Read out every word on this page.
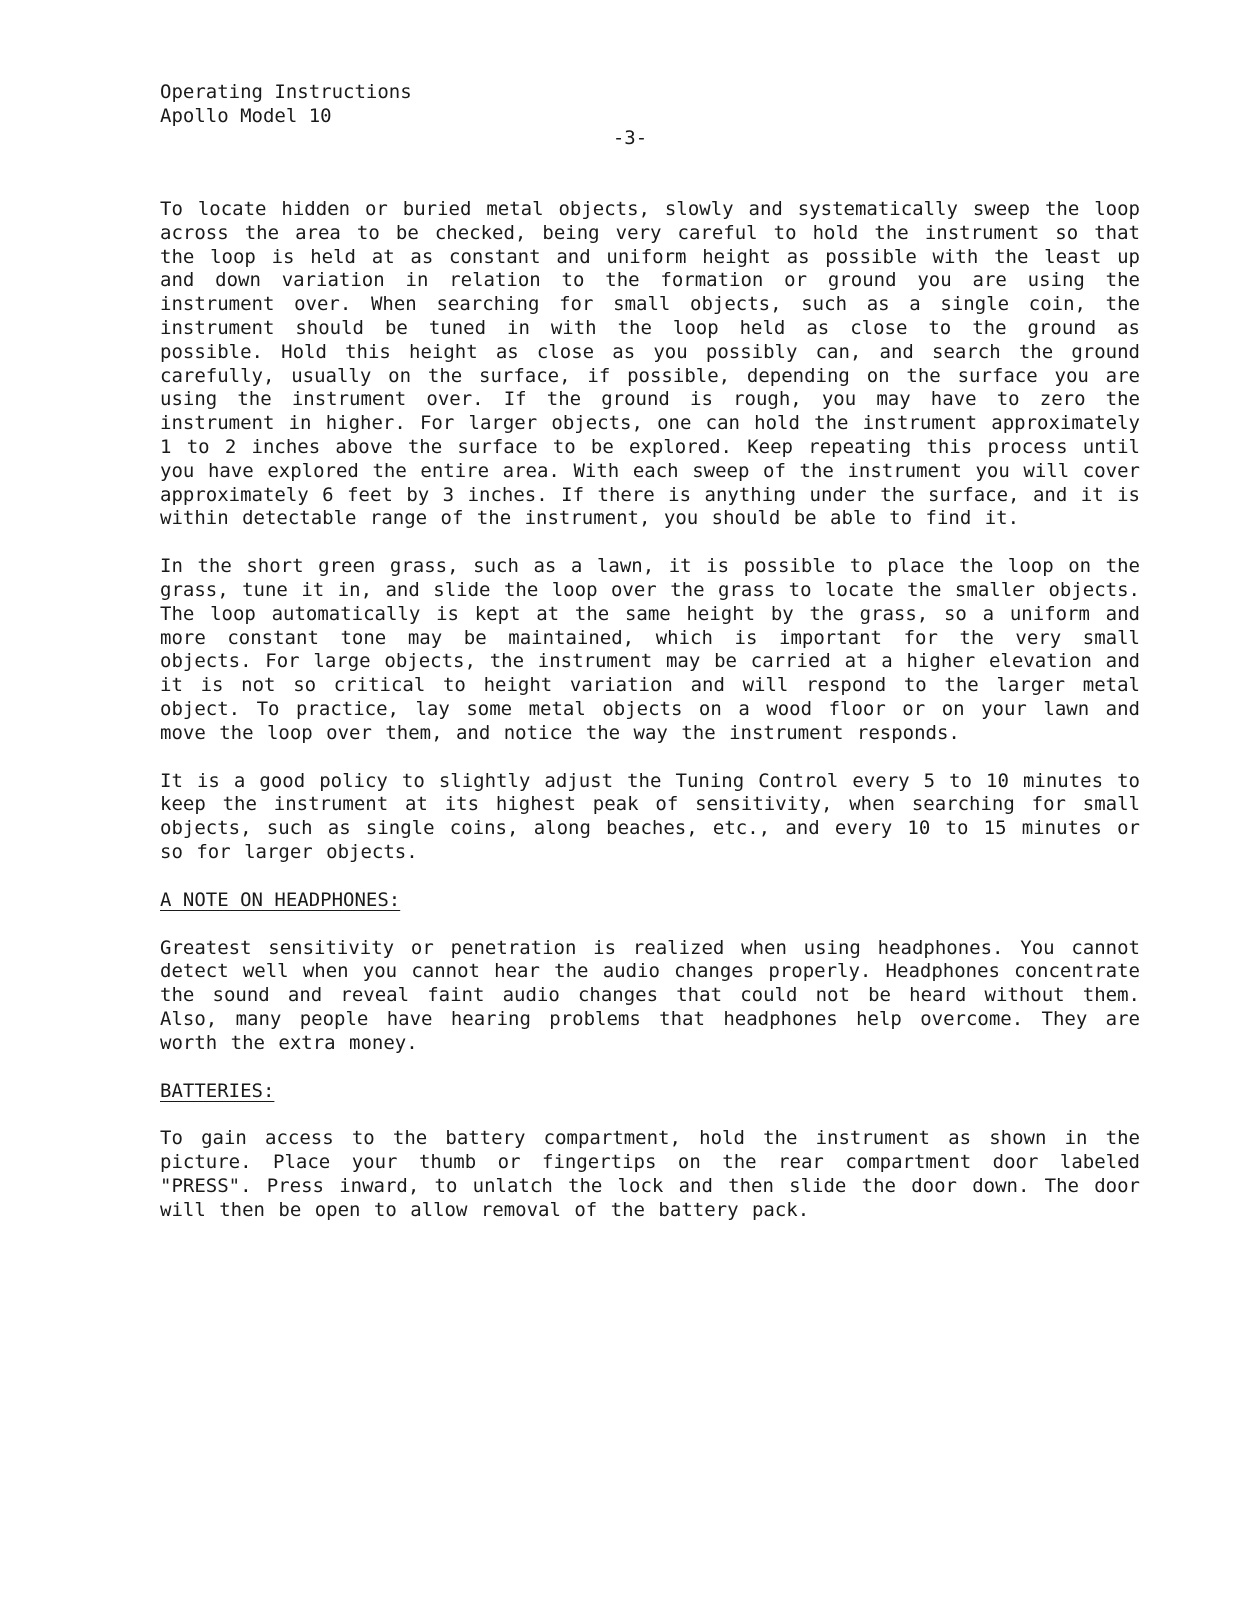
Operating Instructions
Apollo Model 10
-3-

To locate hidden or buried metal objects, slowly and systematically sweep the loop across the area to be checked, being very careful to hold the instrument so that the loop is held at as constant and uniform height as possible with the least up and down variation in relation to the formation or ground you are using the instrument over. When searching for small objects, such as a single coin, the instrument should be tuned in with the loop held as close to the ground as possible. Hold this height as close as you possibly can, and search the ground carefully, usually on the surface, if possible, depending on the surface you are using the instrument over. If the ground is rough, you may have to zero the instrument in higher. For larger objects, one can hold the instrument approximately 1 to 2 inches above the surface to be explored. Keep repeating this process until you have explored the entire area. With each sweep of the instrument you will cover approximately 6 feet by 3 inches. If there is anything under the surface, and it is within detectable range of the instrument, you should be able to find it.

In the short green grass, such as a lawn, it is possible to place the loop on the grass, tune it in, and slide the loop over the grass to locate the smaller objects. The loop automatically is kept at the same height by the grass, so a uniform and more constant tone may be maintained, which is important for the very small objects. For large objects, the instrument may be carried at a higher elevation and it is not so critical to height variation and will respond to the larger metal object. To practice, lay some metal objects on a wood floor or on your lawn and move the loop over them, and notice the way the instrument responds.

It is a good policy to slightly adjust the Tuning Control every 5 to 10 minutes to keep the instrument at its highest peak of sensitivity, when searching for small objects, such as single coins, along beaches, etc., and every 10 to 15 minutes or so for larger objects.

A NOTE ON HEADPHONES:

Greatest sensitivity or penetration is realized when using headphones. You cannot detect well when you cannot hear the audio changes properly. Headphones concentrate the sound and reveal faint audio changes that could not be heard without them. Also, many people have hearing problems that headphones help overcome. They are worth the extra money.

BATTERIES:

To gain access to the battery compartment, hold the instrument as shown in the picture. Place your thumb or fingertips on the rear compartment door labeled "PRESS". Press inward, to unlatch the lock and then slide the door down. The door will then be open to allow removal of the battery pack.
